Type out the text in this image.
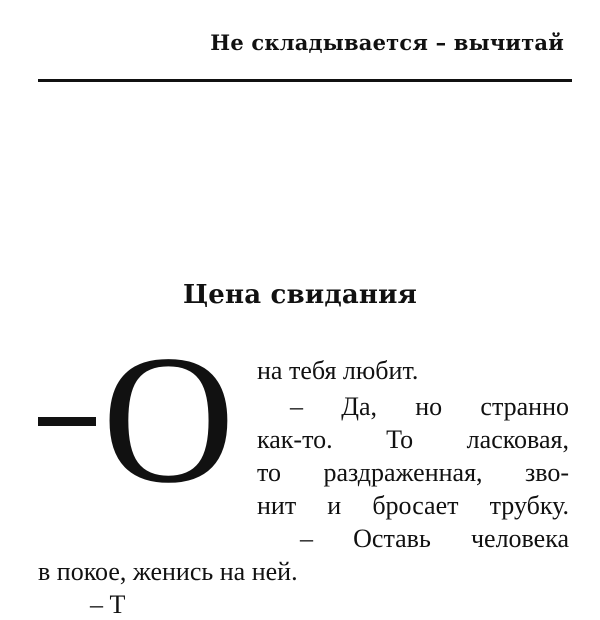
Не складывается – вычитай
Цена свидания
О на тебя любит.
– Да, но странно
как-то. То ласковая,
то раздраженная, зво-
нит и бросает трубку.
– Оставь человека
в покое, женись на ней.
– Т
